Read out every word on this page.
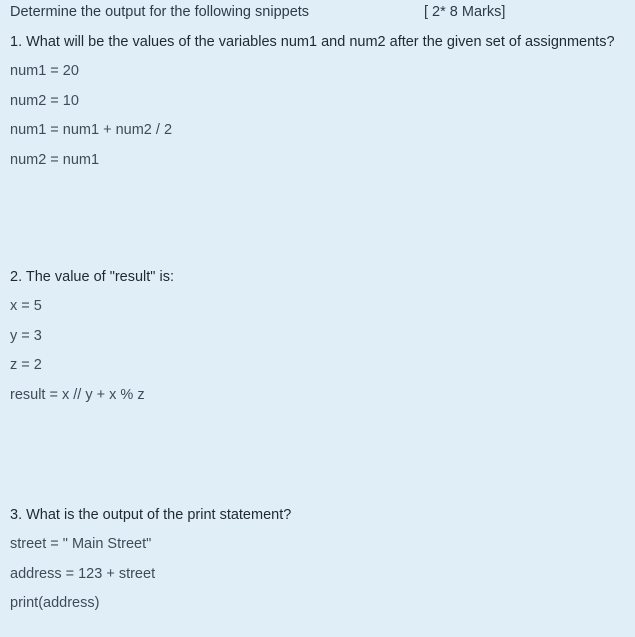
Determine the output for the following snippets	[ 2* 8 Marks]
1. What will be the values of the variables num1 and num2 after the given set of assignments?
num1 = 20
num2 = 10
num1 = num1 + num2 / 2
num2 = num1
2. The value of "result" is:
x = 5
y = 3
z = 2
result = x // y + x % z
3. What is the output of the print statement?
street = " Main Street"
address = 123 + street
print(address)
